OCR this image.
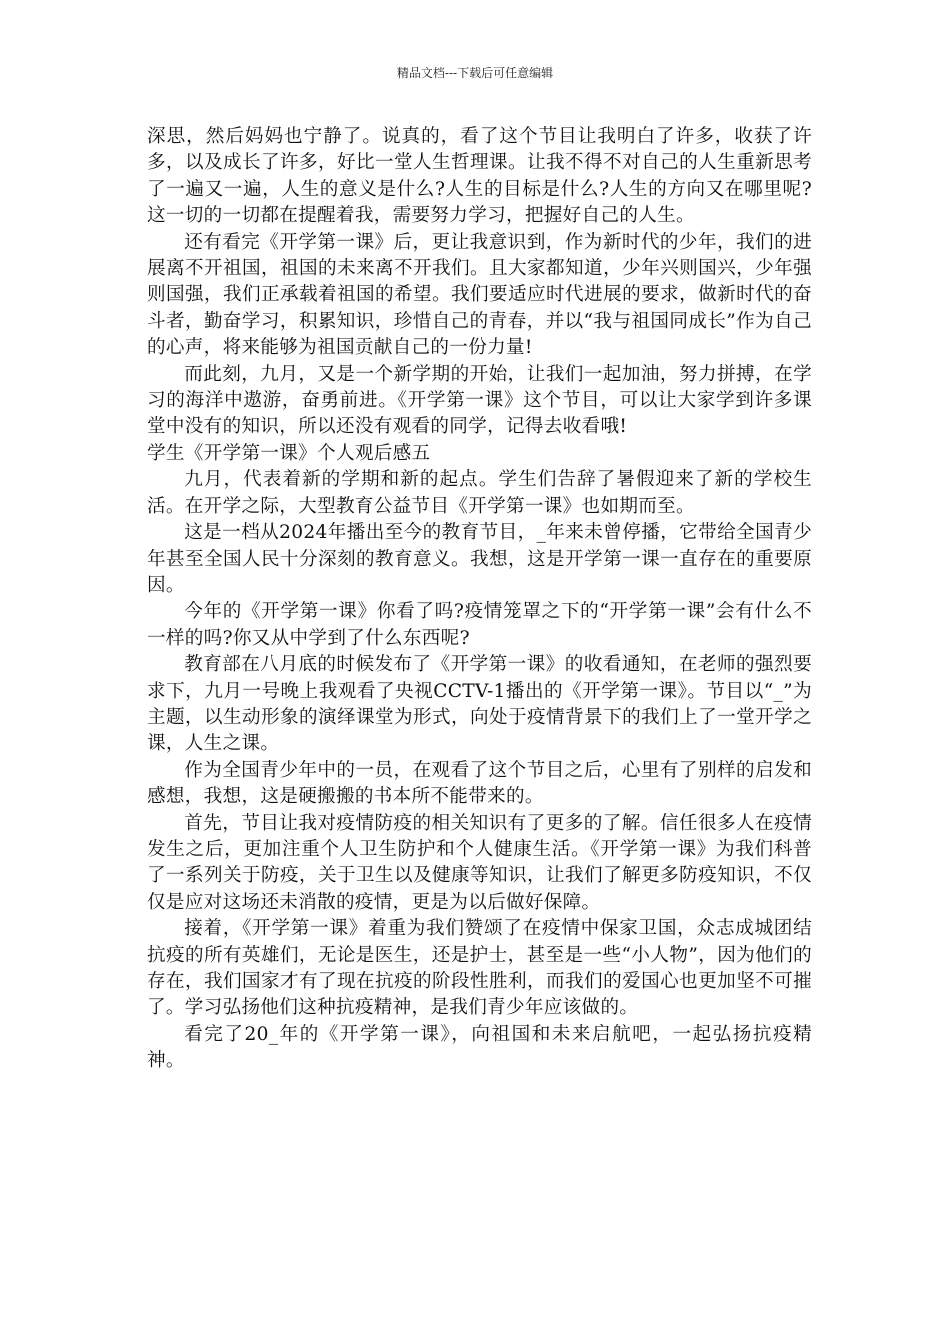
精品文档---下载后可任意编辑

深思，然后妈妈也宁静了。说真的，看了这个节目让我明白了许多，收获了许多，以及成长了许多，好比一堂人生哲理课。让我不得不对自己的人生重新思考了一遍又一遍，人生的意义是什么?人生的目标是什么?人生的方向又在哪里呢?这一切的一切都在提醒着我，需要努力学习，把握好自己的人生。

还有看完《开学第一课》后，更让我意识到，作为新时代的少年，我们的进展离不开祖国，祖国的未来离不开我们。且大家都知道，少年兴则国兴，少年强则国强，我们正承载着祖国的希望。我们要适应时代进展的要求，做新时代的奋斗者，勤奋学习，积累知识，珍惜自己的青春，并以“我与祖国同成长”作为自己的心声，将来能够为祖国贡献自己的一份力量!

而此刻，九月，又是一个新学期的开始，让我们一起加油，努力拼搏，在学习的海洋中遨游，奋勇前进。《开学第一课》这个节目，可以让大家学到许多课堂中没有的知识，所以还没有观看的同学，记得去收看哦!

学生《开学第一课》个人观后感五

九月，代表着新的学期和新的起点。学生们告辞了暑假迎来了新的学校生活。在开学之际，大型教育公益节目《开学第一课》也如期而至。

这是一档从2024年播出至今的教育节目，_年来未曾停播，它带给全国青少年甚至全国人民十分深刻的教育意义。我想，这是开学第一课一直存在的重要原因。

今年的《开学第一课》你看了吗?疫情笼罩之下的“开学第一课”会有什么不一样的吗?你又从中学到了什么东西呢?

教育部在八月底的时候发布了《开学第一课》的收看通知，在老师的强烈要求下，九月一号晚上我观看了央视CCTV-1播出的《开学第一课》。节目以“_”为主题，以生动形象的演绎课堂为形式，向处于疫情背景下的我们上了一堂开学之课，人生之课。

作为全国青少年中的一员，在观看了这个节目之后，心里有了别样的启发和感想，我想，这是硬搬搬的书本所不能带来的。

首先，节目让我对疫情防疫的相关知识有了更多的了解。信任很多人在疫情发生之后，更加注重个人卫生防护和个人健康生活。《开学第一课》为我们科普了一系列关于防疫，关于卫生以及健康等知识，让我们了解更多防疫知识，不仅仅是应对这场还未消散的疫情，更是为以后做好保障。

接着，《开学第一课》着重为我们赞颂了在疫情中保家卫国，众志成城团结抗疫的所有英雄们，无论是医生，还是护士，甚至是一些“小人物”，因为他们的存在，我们国家才有了现在抗疫的阶段性胜利，而我们的爱国心也更加坚不可摧了。学习弘扬他们这种抗疫精神，是我们青少年应该做的。

看完了20_年的《开学第一课》，向祖国和未来启航吧，一起弘扬抗疫精神。
